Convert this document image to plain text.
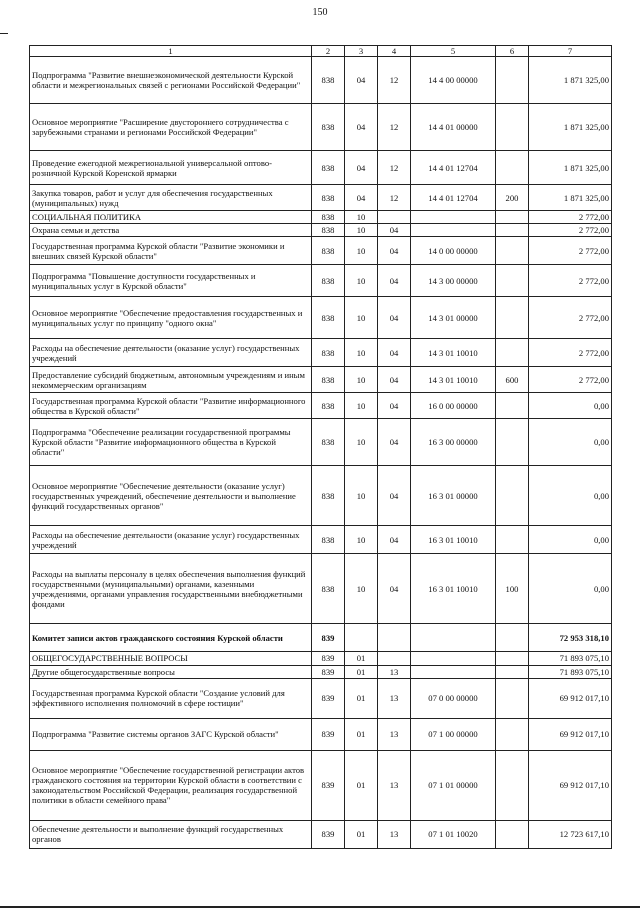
150
1	2	3	4	5	6	7
Подпрограмма "Развитие внешнеэкономической деятельности Курской области и межрегиональных связей с регионами Российской Федерации"	838	04	12	14 4 00 00000		1 871 325,00
Основное мероприятие "Расширение двустороннего сотрудничества с зарубежными странами и регионами Российской Федерации"	838	04	12	14 4 01 00000		1 871 325,00
Проведение ежегодной межрегиональной универсальной оптово-розничной Курской Коренской ярмарки	838	04	12	14 4 01 12704		1 871 325,00
Закупка товаров, работ и услуг для обеспечения государственных (муниципальных) нужд	838	04	12	14 4 01 12704	200	1 871 325,00
СОЦИАЛЬНАЯ ПОЛИТИКА	838	10				2 772,00
Охрана семьи и детства	838	10	04			2 772,00
Государственная программа Курской области "Развитие экономики и внешних связей Курской области"	838	10	04	14 0 00 00000		2 772,00
Подпрограмма "Повышение доступности государственных и муниципальных услуг в Курской области"	838	10	04	14 3 00 00000		2 772,00
Основное мероприятие "Обеспечение предоставления государственных и муниципальных услуг по принципу "одного окна"	838	10	04	14 3 01 00000		2 772,00
Расходы на обеспечение деятельности (оказание услуг) государственных учреждений	838	10	04	14 3 01 10010		2 772,00
Предоставление субсидий бюджетным, автономным учреждениям и иным некоммерческим организациям	838	10	04	14 3 01 10010	600	2 772,00
Государственная программа Курской области "Развитие информационного общества в Курской области"	838	10	04	16 0 00 00000		0,00
Подпрограмма "Обеспечение реализации государственной программы Курской области "Развитие информационного общества в Курской области"	838	10	04	16 3 00 00000		0,00
Основное мероприятие "Обеспечение деятельности (оказание услуг) государственных учреждений, обеспечение деятельности и выполнение функций государственных органов"	838	10	04	16 3 01 00000		0,00
Расходы на обеспечение деятельности (оказание услуг) государственных учреждений	838	10	04	16 3 01 10010		0,00
Расходы на выплаты персоналу в целях обеспечения выполнения функций государственными (муниципальными) органами, казенными учреждениями, органами управления государственными внебюджетными фондами	838	10	04	16 3 01 10010	100	0,00
Комитет записи актов гражданского состояния Курской области	839					72 953 318,10
ОБЩЕГОСУДАРСТВЕННЫЕ ВОПРОСЫ	839	01				71 893 075,10
Другие общегосударственные вопросы	839	01	13			71 893 075,10
Государственная программа Курской области "Создание условий для эффективного исполнения полномочий в сфере юстиции"	839	01	13	07 0 00 00000		69 912 017,10
Подпрограмма "Развитие системы органов ЗАГС Курской области"	839	01	13	07 1 00 00000		69 912 017,10
Основное мероприятие "Обеспечение государственной регистрации актов гражданского состояния на территории Курской области в соответствии с законодательством Российской Федерации, реализация государственной политики в области семейного права"	839	01	13	07 1 01 00000		69 912 017,10
Обеспечение деятельности и выполнение функций государственных органов	839	01	13	07 1 01 10020		12 723 617,10
